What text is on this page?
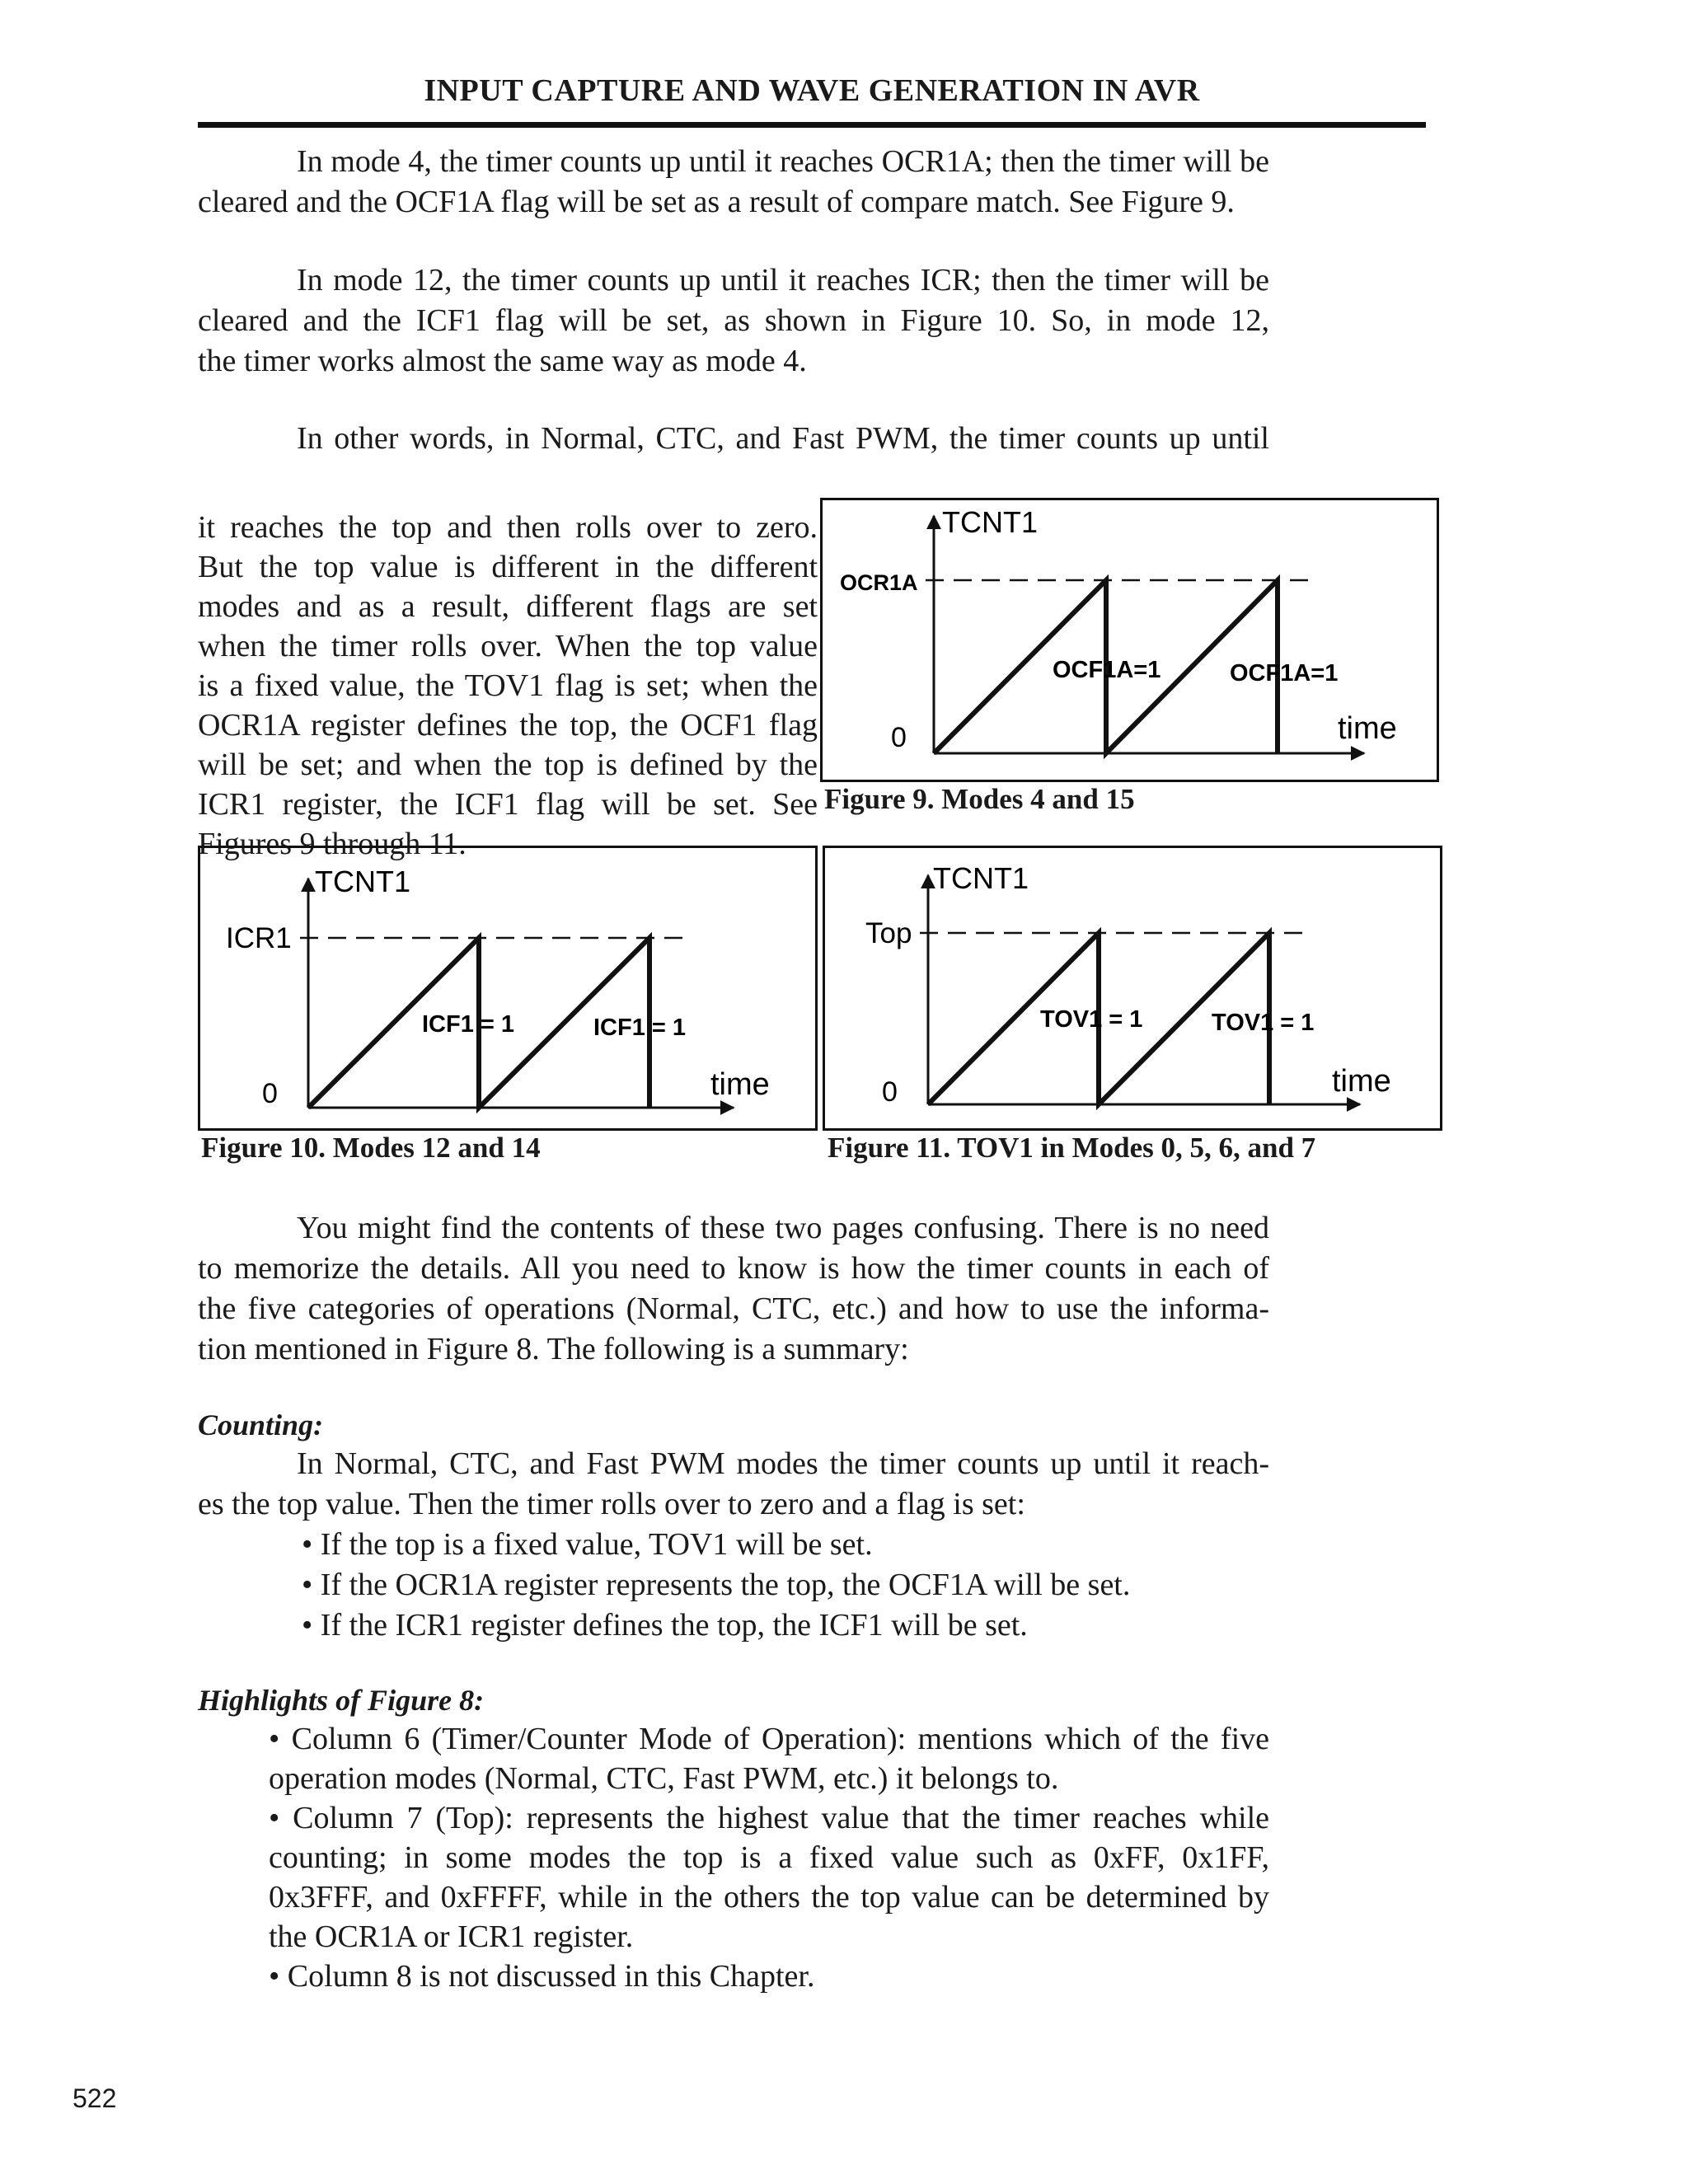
INPUT CAPTURE AND WAVE GENERATION IN AVR
In mode 4, the timer counts up until it reaches OCR1A; then the timer will be
cleared and the OCF1A flag will be set as a result of compare match. See Figure 9.
In mode 12, the timer counts up until it reaches ICR; then the timer will be
cleared and the ICF1 flag will be set, as shown in Figure 10. So, in mode 12,
the timer works almost the same way as mode 4.
In other words, in Normal, CTC, and Fast PWM, the timer counts up until
it reaches the top and then rolls over to zero.
But the top value is different in the different
modes and as a result, different flags are set
when the timer rolls over. When the top value
is a fixed value, the TOV1 flag is set; when the
OCR1A register defines the top, the OCF1 flag
will be set; and when the top is defined by the
ICR1 register, the ICF1 flag will be set. See
Figures 9 through 11.
TCNT1
OCR1A
0	time
OCF1A=1	OCF1A=1
Figure 9. Modes 4 and 15
TCNT1
ICR1
0	time
ICF1 = 1	ICF1 = 1
Figure 10. Modes 12 and 14
TCNT1
Top
0	time
TOV1 = 1	TOV1 = 1
Figure 11. TOV1 in Modes 0, 5, 6, and 7
You might find the contents of these two pages confusing. There is no need
to memorize the details. All you need to know is how the timer counts in each of
the five categories of operations (Normal, CTC, etc.) and how to use the informa-
tion mentioned in Figure 8. The following is a summary:
Counting:
In Normal, CTC, and Fast PWM modes the timer counts up until it reach-
es the top value. Then the timer rolls over to zero and a flag is set:
• If the top is a fixed value, TOV1 will be set.
• If the OCR1A register represents the top, the OCF1A will be set.
• If the ICR1 register defines the top, the ICF1 will be set.
Highlights of Figure 8:
• Column 6 (Timer/Counter Mode of Operation): mentions which of the five
operation modes (Normal, CTC, Fast PWM, etc.) it belongs to.
• Column 7 (Top): represents the highest value that the timer reaches while
counting; in some modes the top is a fixed value such as 0xFF, 0x1FF,
0x3FFF, and 0xFFFF, while in the others the top value can be determined by
the OCR1A or ICR1 register.
• Column 8 is not discussed in this Chapter.
522
